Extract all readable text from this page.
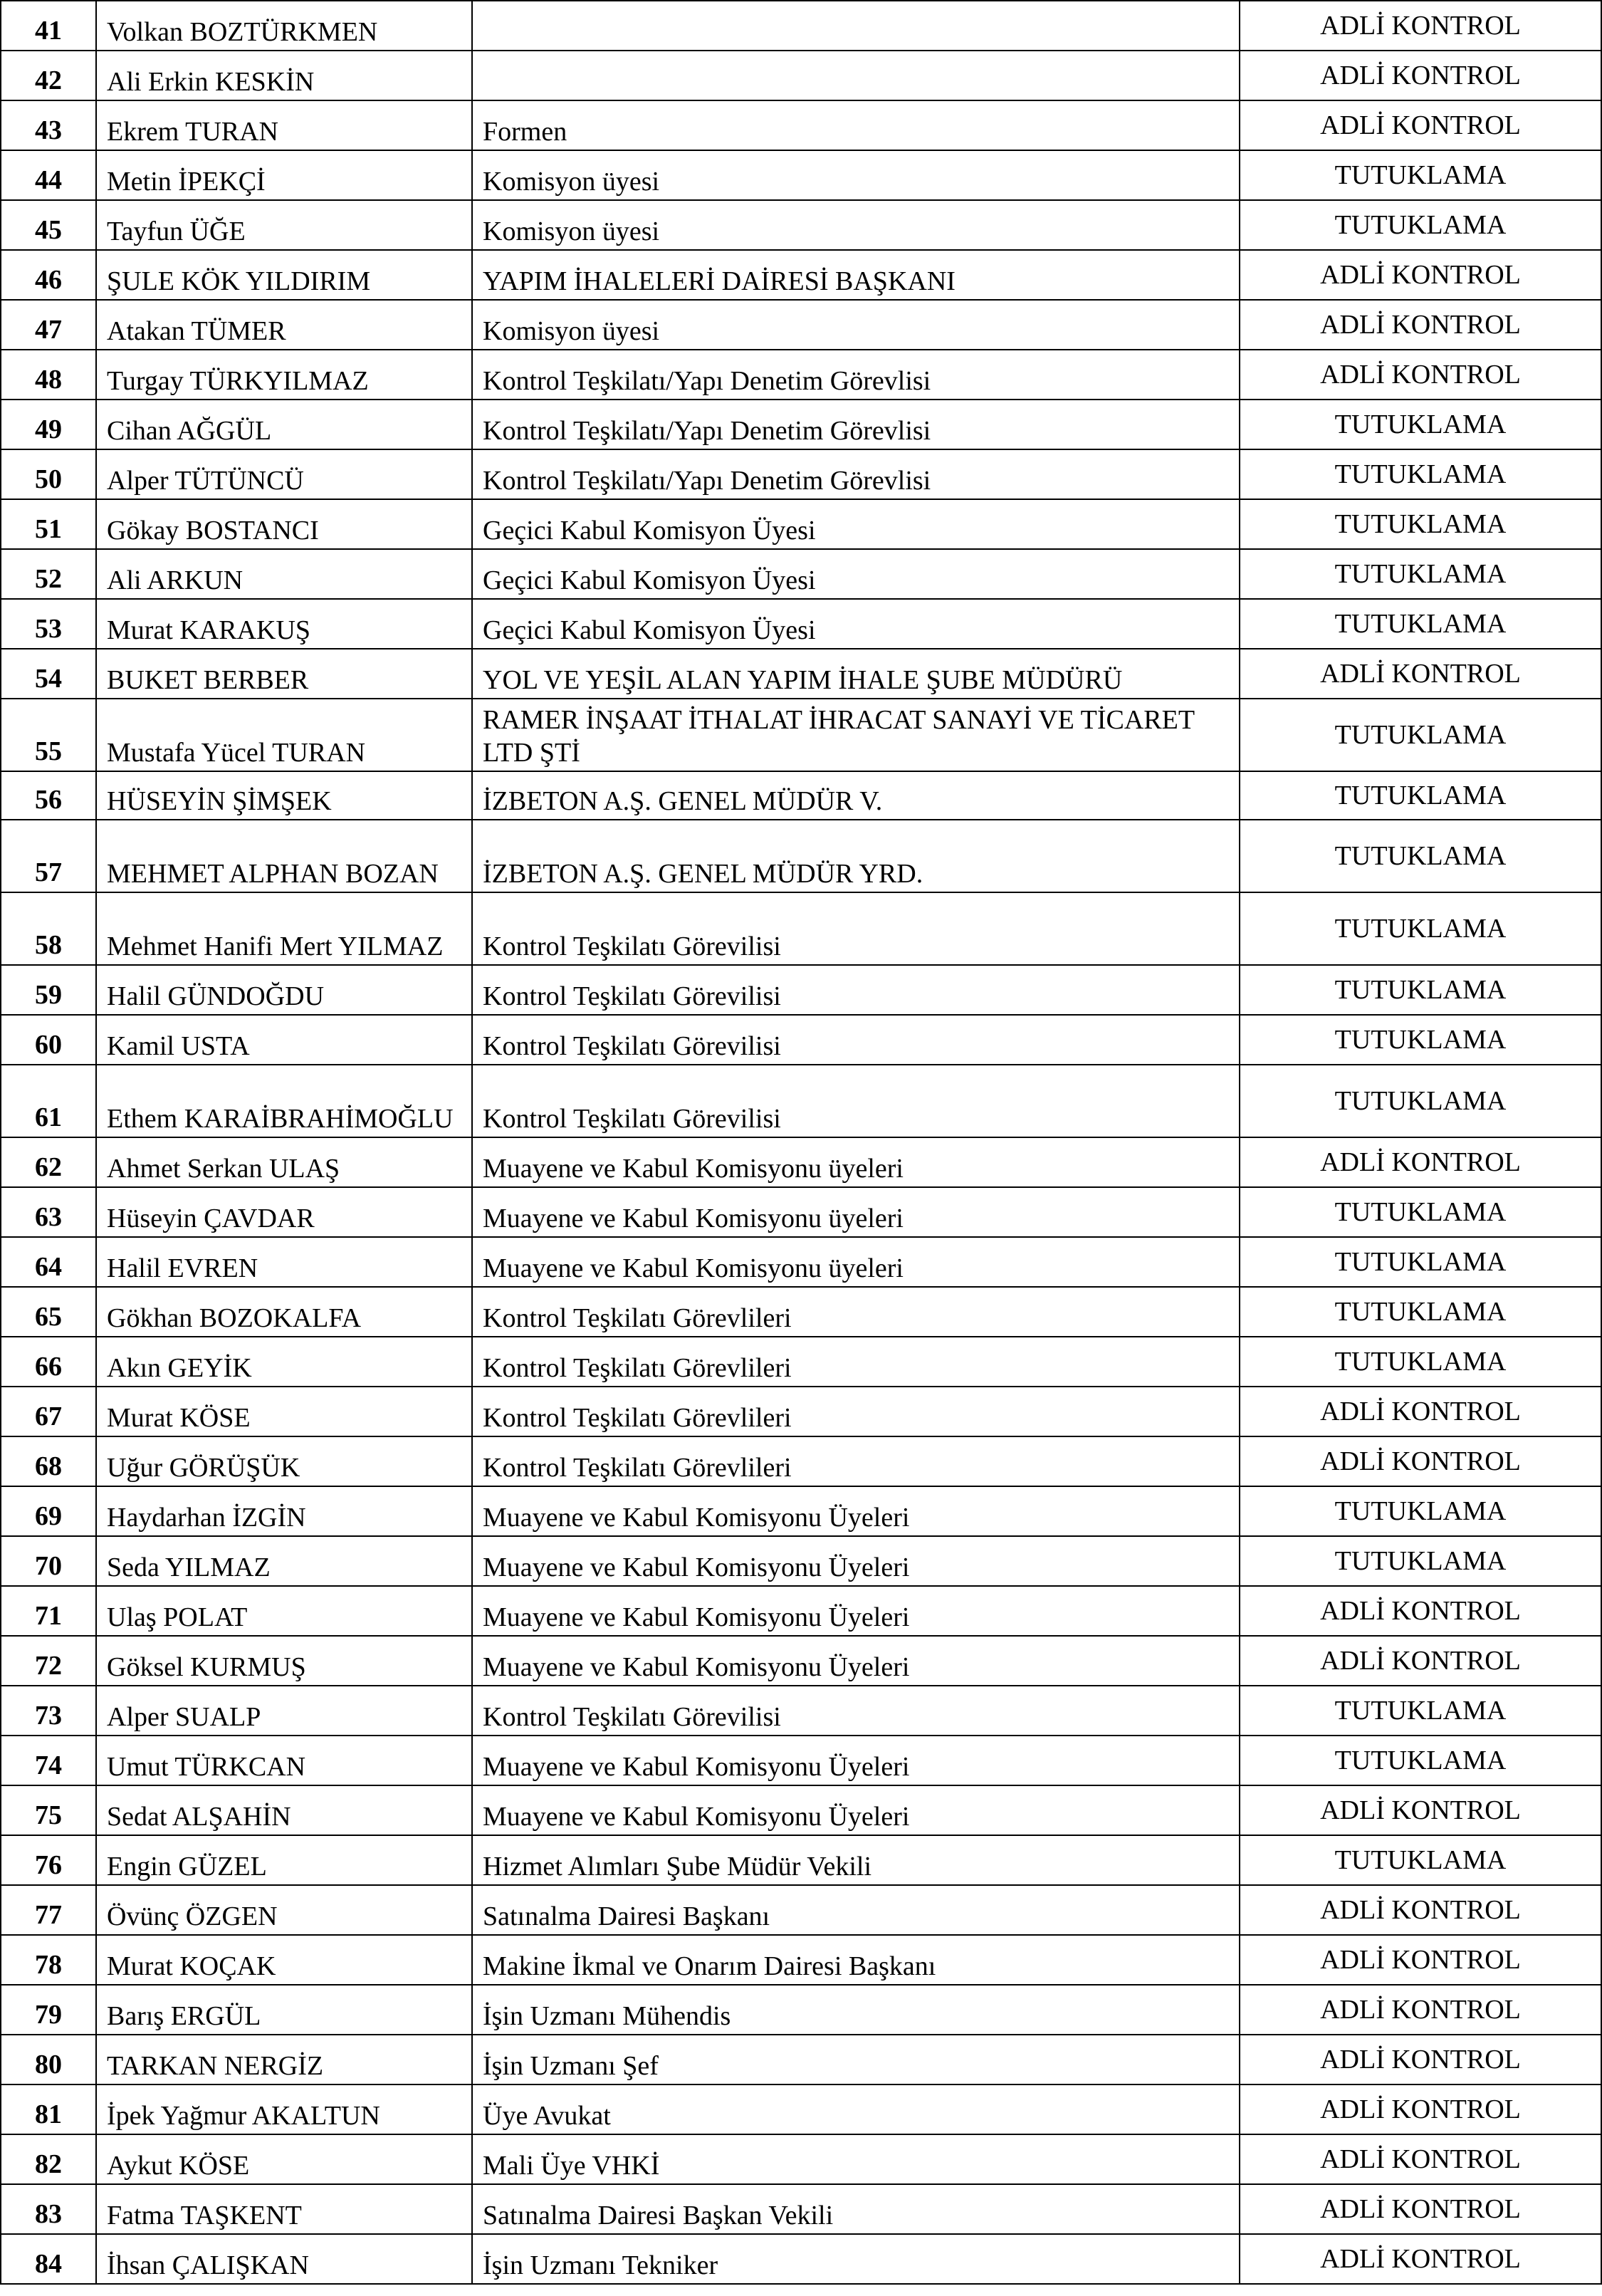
41	Volkan BOZTÜRKMEN		ADLİ KONTROL
42	Ali Erkin KESKİN		ADLİ KONTROL
43	Ekrem TURAN	Formen	ADLİ KONTROL
44	Metin İPEKÇİ	Komisyon üyesi	TUTUKLAMA
45	Tayfun ÜĞE	Komisyon üyesi	TUTUKLAMA
46	ŞULE KÖK YILDIRIM	YAPIM İHALELERİ DAİRESİ BAŞKANI	ADLİ KONTROL
47	Atakan TÜMER	Komisyon üyesi	ADLİ KONTROL
48	Turgay TÜRKYILMAZ	Kontrol Teşkilatı/Yapı Denetim Görevlisi	ADLİ KONTROL
49	Cihan AĞGÜL	Kontrol Teşkilatı/Yapı Denetim Görevlisi	TUTUKLAMA
50	Alper TÜTÜNCÜ	Kontrol Teşkilatı/Yapı Denetim Görevlisi	TUTUKLAMA
51	Gökay BOSTANCI	Geçici Kabul Komisyon Üyesi	TUTUKLAMA
52	Ali ARKUN	Geçici Kabul Komisyon Üyesi	TUTUKLAMA
53	Murat KARAKUŞ	Geçici Kabul Komisyon Üyesi	TUTUKLAMA
54	BUKET BERBER	YOL VE YEŞİL ALAN YAPIM İHALE ŞUBE MÜDÜRÜ	ADLİ KONTROL
55	Mustafa Yücel TURAN	RAMER İNŞAAT İTHALAT İHRACAT SANAYİ VE TİCARET LTD ŞTİ	TUTUKLAMA
56	HÜSEYİN ŞİMŞEK	İZBETON A.Ş. GENEL MÜDÜR V.	TUTUKLAMA
57	MEHMET ALPHAN BOZAN	İZBETON A.Ş. GENEL MÜDÜR YRD.	TUTUKLAMA
58	Mehmet Hanifi Mert YILMAZ	Kontrol Teşkilatı Görevilisi	TUTUKLAMA
59	Halil GÜNDOĞDU	Kontrol Teşkilatı Görevilisi	TUTUKLAMA
60	Kamil USTA	Kontrol Teşkilatı Görevilisi	TUTUKLAMA
61	Ethem KARAİBRAHİMOĞLU	Kontrol Teşkilatı Görevilisi	TUTUKLAMA
62	Ahmet Serkan ULAŞ	Muayene ve Kabul Komisyonu üyeleri	ADLİ KONTROL
63	Hüseyin ÇAVDAR	Muayene ve Kabul Komisyonu üyeleri	TUTUKLAMA
64	Halil EVREN	Muayene ve Kabul Komisyonu üyeleri	TUTUKLAMA
65	Gökhan BOZOKALFA	Kontrol Teşkilatı Görevlileri	TUTUKLAMA
66	Akın GEYİK	Kontrol Teşkilatı Görevlileri	TUTUKLAMA
67	Murat KÖSE	Kontrol Teşkilatı Görevlileri	ADLİ KONTROL
68	Uğur GÖRÜŞÜK	Kontrol Teşkilatı Görevlileri	ADLİ KONTROL
69	Haydarhan İZGİN	Muayene ve Kabul Komisyonu Üyeleri	TUTUKLAMA
70	Seda YILMAZ	Muayene ve Kabul Komisyonu Üyeleri	TUTUKLAMA
71	Ulaş POLAT	Muayene ve Kabul Komisyonu Üyeleri	ADLİ KONTROL
72	Göksel KURMUŞ	Muayene ve Kabul Komisyonu Üyeleri	ADLİ KONTROL
73	Alper SUALP	Kontrol Teşkilatı Görevilisi	TUTUKLAMA
74	Umut TÜRKCAN	Muayene ve Kabul Komisyonu Üyeleri	TUTUKLAMA
75	Sedat ALŞAHİN	Muayene ve Kabul Komisyonu Üyeleri	ADLİ KONTROL
76	Engin GÜZEL	Hizmet Alımları Şube Müdür Vekili	TUTUKLAMA
77	Övünç ÖZGEN	Satınalma Dairesi Başkanı	ADLİ KONTROL
78	Murat KOÇAK	Makine İkmal ve Onarım Dairesi Başkanı	ADLİ KONTROL
79	Barış ERGÜL	İşin Uzmanı Mühendis	ADLİ KONTROL
80	TARKAN NERGİZ	İşin Uzmanı Şef	ADLİ KONTROL
81	İpek Yağmur AKALTUN	Üye Avukat	ADLİ KONTROL
82	Aykut KÖSE	Mali Üye VHKİ	ADLİ KONTROL
83	Fatma TAŞKENT	Satınalma Dairesi Başkan Vekili	ADLİ KONTROL
84	İhsan ÇALIŞKAN	İşin Uzmanı Tekniker	ADLİ KONTROL
